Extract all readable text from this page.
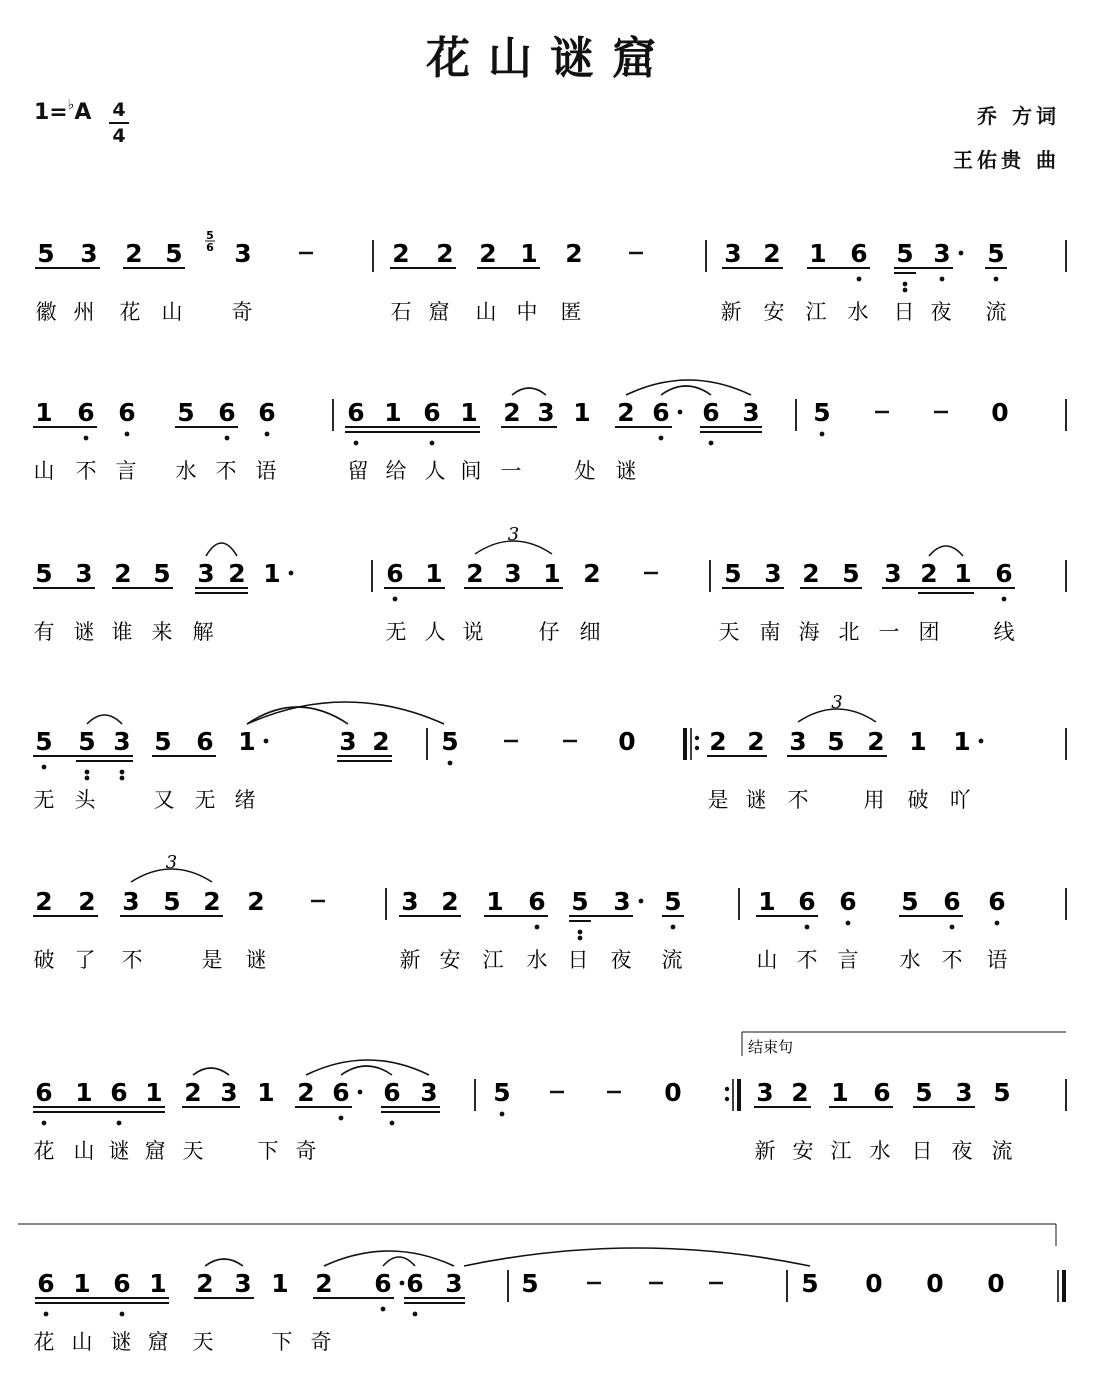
花山谜窟
1=♭A 4
4
乔 方词
王佑贵 曲
5 3 2 5 3	2 2 2 1 2	3 2 1 6 5 3 5
1 6 6 5 6 6	6 1 6 1 2 3 1 2 6 6 3 5	0
5 3 2 5 3 2 1	6 1 2 3 1 2	5 3 2 5 3 2 1 6
5 5 3 5 6 1	3 2 5	0	2 2 3 5 2 1 1
2 2 3 5 2 2	3 2 1 6 5 3 5	1 6 6 5 6 6
6 1 6 1 2 3 1 2 6 6 3 5	0	3 2 1 6 5 3 5
6 1 6 1 2 3 1 2 6 6 3 5	5 0 0 0
3
3
3
5
6
结束句
徽 州 花 山 奇	石 窟 山 中 匿	新 安 江 水 日 夜 流
山 不 言 水 不 语	留 给 人 间 一	处 谜
有 谜 谁 来 解	无 人 说	仔 细	天 南 海 北 一 团	线
无 头	又 无 绪	是 谜 不	用 破 吖
破 了 不	是 谜	新 安 江 水 日 夜 流	山 不 言 水 不 语
花 山 谜 窟 天	下 奇	新 安 江 水 日 夜 流
花 山 谜 窟 天	下 奇
